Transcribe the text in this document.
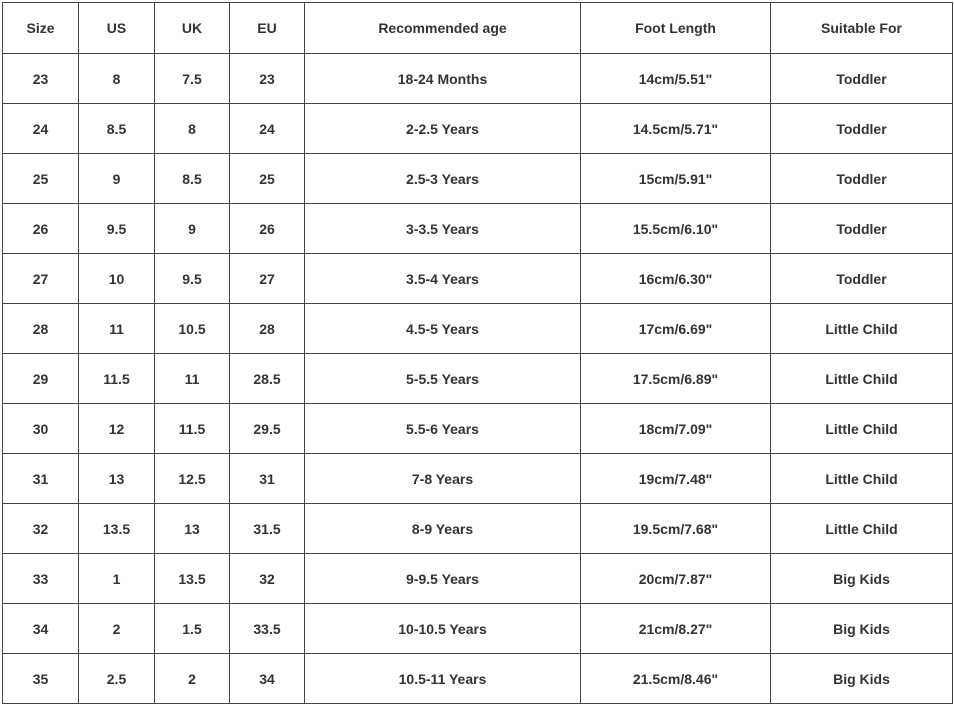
Size	US	UK	EU	Recommended age	Foot Length	Suitable For
23	8	7.5	23	18-24 Months	14cm/5.51"	Toddler
24	8.5	8	24	2-2.5 Years	14.5cm/5.71"	Toddler
25	9	8.5	25	2.5-3 Years	15cm/5.91"	Toddler
26	9.5	9	26	3-3.5 Years	15.5cm/6.10"	Toddler
27	10	9.5	27	3.5-4 Years	16cm/6.30"	Toddler
28	11	10.5	28	4.5-5 Years	17cm/6.69"	Little Child
29	11.5	11	28.5	5-5.5 Years	17.5cm/6.89"	Little Child
30	12	11.5	29.5	5.5-6 Years	18cm/7.09"	Little Child
31	13	12.5	31	7-8 Years	19cm/7.48"	Little Child
32	13.5	13	31.5	8-9 Years	19.5cm/7.68"	Little Child
33	1	13.5	32	9-9.5 Years	20cm/7.87"	Big Kids
34	2	1.5	33.5	10-10.5 Years	21cm/8.27"	Big Kids
35	2.5	2	34	10.5-11 Years	21.5cm/8.46"	Big Kids
